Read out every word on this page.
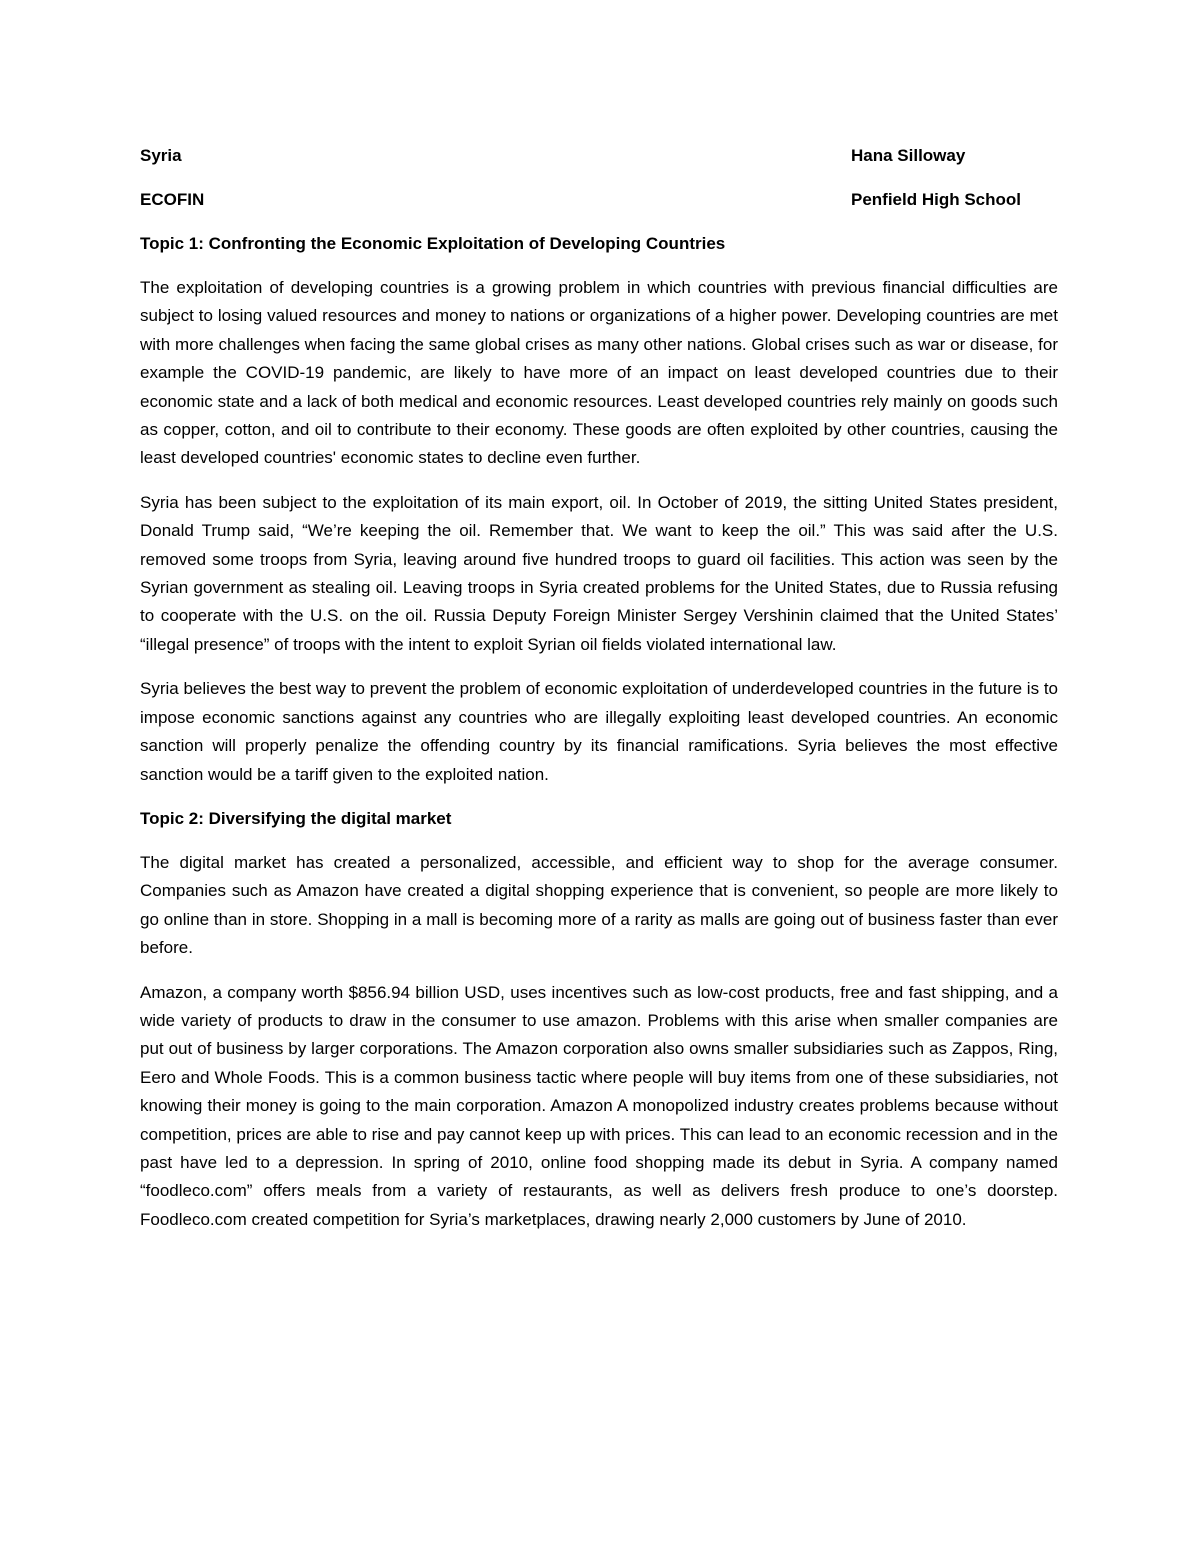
Syria	Hana Silloway
ECOFIN	Penfield High School
Topic 1: Confronting the Economic Exploitation of Developing Countries

The exploitation of developing countries is a growing problem in which countries with previous financial difficulties are subject to losing valued resources and money to nations or organizations of a higher power. Developing countries are met with more challenges when facing the same global crises as many other nations. Global crises such as war or disease, for example the COVID-19 pandemic, are likely to have more of an impact on least developed countries due to their economic state and a lack of both medical and economic resources. Least developed countries rely mainly on goods such as copper, cotton, and oil to contribute to their economy. These goods are often exploited by other countries, causing the least developed countries' economic states to decline even further.

Syria has been subject to the exploitation of its main export, oil. In October of 2019, the sitting United States president, Donald Trump said, “We’re keeping the oil. Remember that. We want to keep the oil.” This was said after the U.S. removed some troops from Syria, leaving around five hundred troops to guard oil facilities. This action was seen by the Syrian government as stealing oil. Leaving troops in Syria created problems for the United States, due to Russia refusing to cooperate with the U.S. on the oil. Russia Deputy Foreign Minister Sergey Vershinin claimed that the United States’ “illegal presence” of troops with the intent to exploit Syrian oil fields violated international law.

Syria believes the best way to prevent the problem of economic exploitation of underdeveloped countries in the future is to impose economic sanctions against any countries who are illegally exploiting least developed countries. An economic sanction will properly penalize the offending country by its financial ramifications. Syria believes the most effective sanction would be a tariff given to the exploited nation.

Topic 2: Diversifying the digital market

The digital market has created a personalized, accessible, and efficient way to shop for the average consumer. Companies such as Amazon have created a digital shopping experience that is convenient, so people are more likely to go online than in store. Shopping in a mall is becoming more of a rarity as malls are going out of business faster than ever before.

Amazon, a company worth $856.94 billion USD, uses incentives such as low-cost products, free and fast shipping, and a wide variety of products to draw in the consumer to use amazon. Problems with this arise when smaller companies are put out of business by larger corporations. The Amazon corporation also owns smaller subsidiaries such as Zappos, Ring, Eero and Whole Foods. This is a common business tactic where people will buy items from one of these subsidiaries, not knowing their money is going to the main corporation. Amazon A monopolized industry creates problems because without competition, prices are able to rise and pay cannot keep up with prices. This can lead to an economic recession and in the past have led to a depression. In spring of 2010, online food shopping made its debut in Syria. A company named “foodleco.com” offers meals from a variety of restaurants, as well as delivers fresh produce to one’s doorstep. Foodleco.com created competition for Syria’s marketplaces, drawing nearly 2,000 customers by June of 2010.
